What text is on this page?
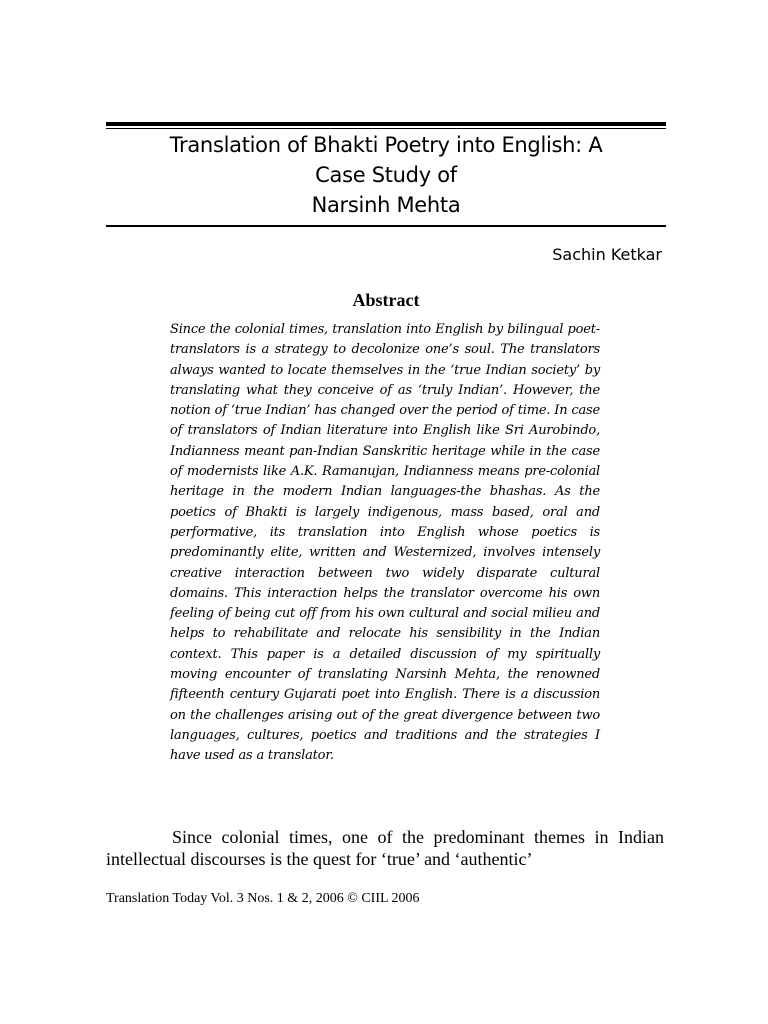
Translation of Bhakti Poetry into English: A
Case Study of
Narsinh Mehta
Sachin Ketkar
Abstract
Since the colonial times, translation into English by bilingual poet-translators is a strategy to decolonize one’s soul. The translators always wanted to locate themselves in the ‘true Indian society’ by translating what they conceive of as ‘truly Indian’. However, the notion of ‘true Indian’ has changed over the period of time. In case of translators of Indian literature into English like Sri Aurobindo, Indianness meant pan-Indian Sanskritic heritage while in the case of modernists like A.K. Ramanujan, Indianness means pre-colonial heritage in the modern Indian languages-the bhashas. As the poetics of Bhakti is largely indigenous, mass based, oral and performative, its translation into English whose poetics is predominantly elite, written and Westernized, involves intensely creative interaction between two widely disparate cultural domains. This interaction helps the translator overcome his own feeling of being cut off from his own cultural and social milieu and helps to rehabilitate and relocate his sensibility in the Indian context. This paper is a detailed discussion of my spiritually moving encounter of translating Narsinh Mehta, the renowned fifteenth century Gujarati poet into English. There is a discussion on the challenges arising out of the great divergence between two languages, cultures, poetics and traditions and the strategies I have used as a translator.
Since colonial times, one of the predominant themes in Indian intellectual discourses is the quest for ‘true’ and ‘authentic’
Translation Today Vol. 3 Nos. 1 & 2, 2006 © CIIL 2006
